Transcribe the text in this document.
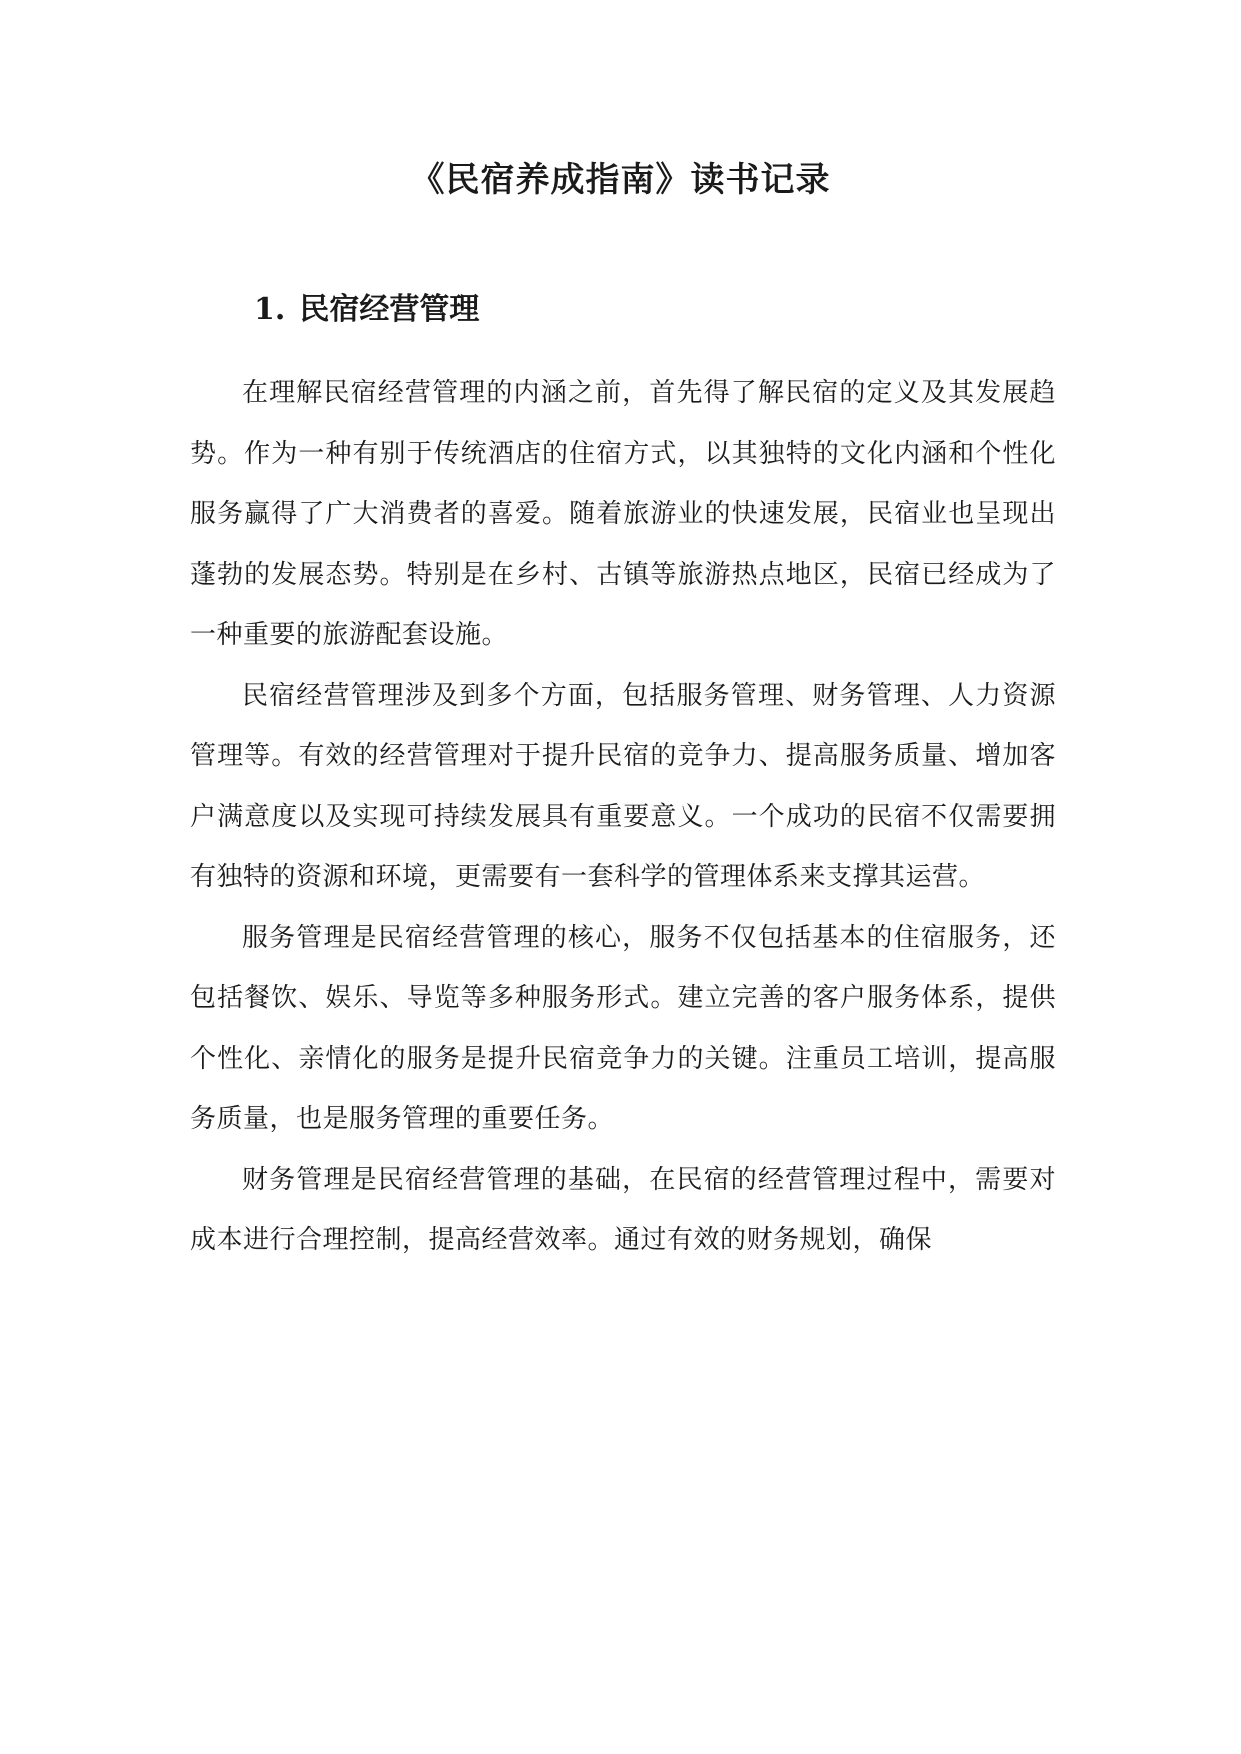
《民宿养成指南》读书记录
1. 民宿经营管理

在理解民宿经营管理的内涵之前，首先得了解民宿的定义及其发展趋势。作为一种有别于传统酒店的住宿方式，以其独特的文化内涵和个性化服务赢得了广大消费者的喜爱。随着旅游业的快速发展，民宿业也呈现出蓬勃的发展态势。特别是在乡村、古镇等旅游热点地区，民宿已经成为了一种重要的旅游配套设施。

民宿经营管理涉及到多个方面，包括服务管理、财务管理、人力资源管理等。有效的经营管理对于提升民宿的竞争力、提高服务质量、增加客户满意度以及实现可持续发展具有重要意义。一个成功的民宿不仅需要拥有独特的资源和环境，更需要有一套科学的管理体系来支撑其运营。

服务管理是民宿经营管理的核心，服务不仅包括基本的住宿服务，还包括餐饮、娱乐、导览等多种服务形式。建立完善的客户服务体系，提供个性化、亲情化的服务是提升民宿竞争力的关键。注重员工培训，提高服务质量，也是服务管理的重要任务。

财务管理是民宿经营管理的基础，在民宿的经营管理过程中，需要对成本进行合理控制，提高经营效率。通过有效的财务规划，确保
